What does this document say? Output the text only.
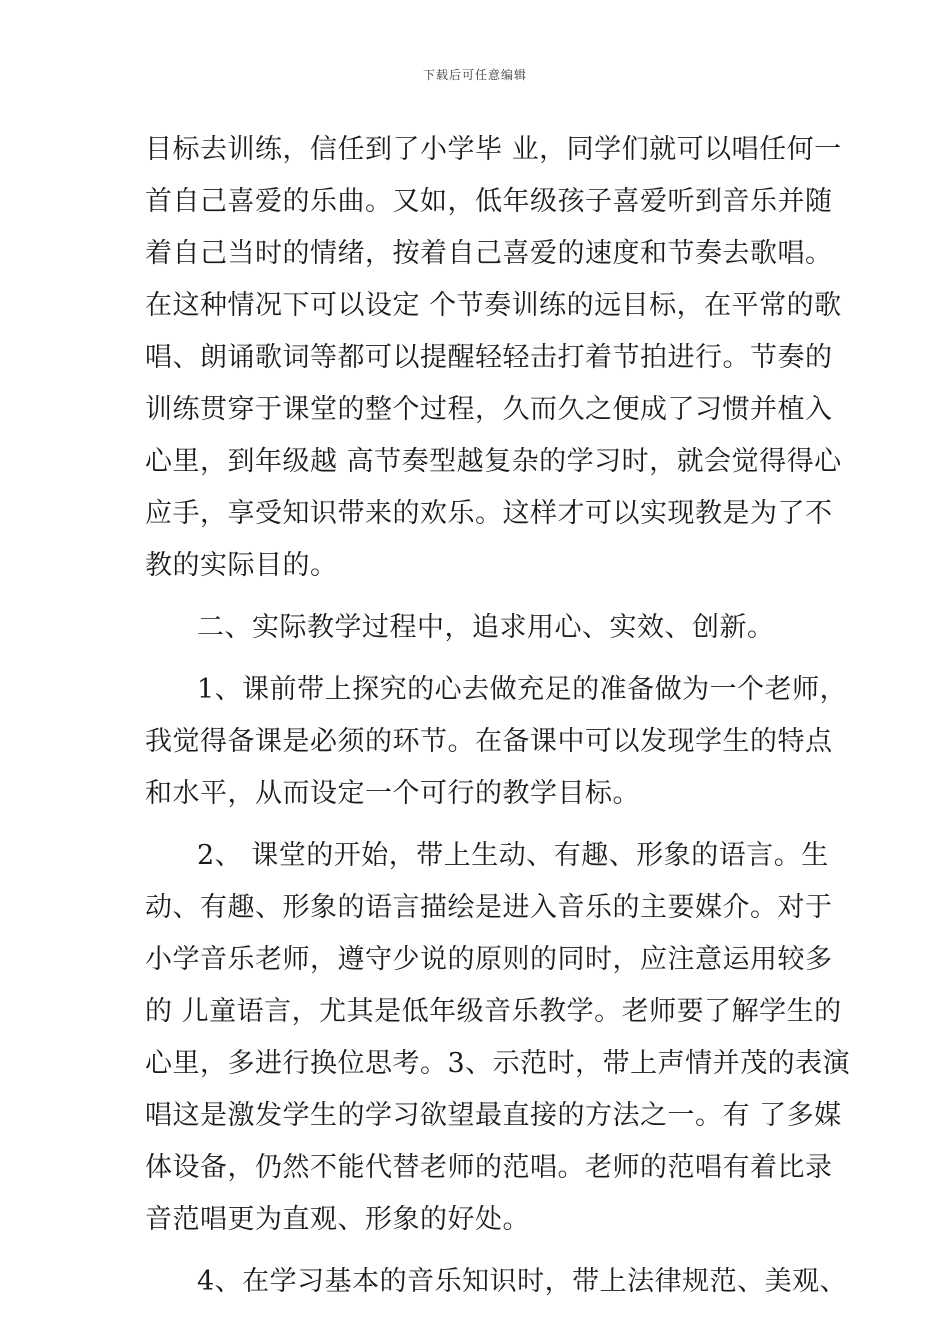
下载后可任意编辑
目标去训练，信任到了小学毕 业，同学们就可以唱任何一
首自己喜爱的乐曲。又如，低年级孩子喜爱听到音乐并随
着自己当时的情绪，按着自己喜爱的速度和节奏去歌唱。
在这种情况下可以设定 个节奏训练的远目标，在平常的歌
唱、朗诵歌词等都可以提醒轻轻击打着节拍进行。节奏的
训练贯穿于课堂的整个过程，久而久之便成了习惯并植入
心里，到年级越 高节奏型越复杂的学习时，就会觉得得心
应手，享受知识带来的欢乐。这样才可以实现教是为了不
教的实际目的。
二、实际教学过程中，追求用心、实效、创新。
1、课前带上探究的心去做充足的准备做为一个老师，
我觉得备课是必须的环节。在备课中可以发现学生的特点
和水平，从而设定一个可行的教学目标。
2、 课堂的开始，带上生动、有趣、形象的语言。生
动、有趣、形象的语言描绘是进入音乐的主要媒介。对于
小学音乐老师，遵守少说的原则的同时，应注意运用较多
的 儿童语言，尤其是低年级音乐教学。老师要了解学生的
心里，多进行换位思考。3、示范时，带上声情并茂的表演
唱这是激发学生的学习欲望最直接的方法之一。有 了多媒
体设备，仍然不能代替老师的范唱。老师的范唱有着比录
音范唱更为直观、形象的好处。
4、在学习基本的音乐知识时，带上法律规范、美观、
